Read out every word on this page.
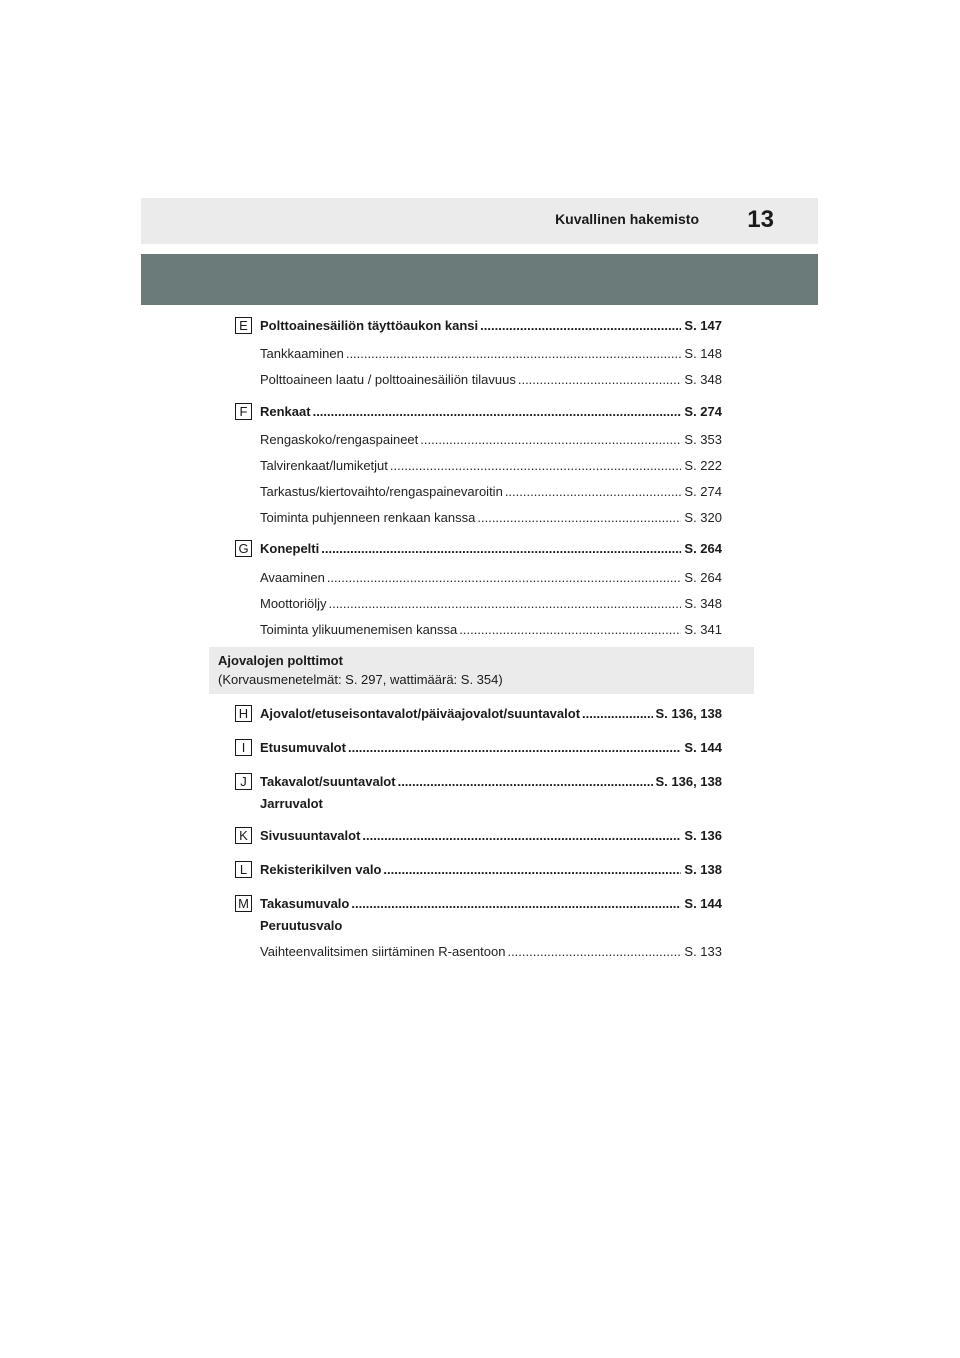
Kuvallinen hakemisto 13
E Polttoainesäiliön täyttöaukon kansi .....	S. 147
Tankkaaminen .....	S. 148
Polttoaineen laatu / polttoainesäiliön tilavuus .....	S. 348
F Renkaat .....	S. 274
Rengaskoko/rengaspaineet .....	S. 353
Talvirenkaat/lumiketjut .....	S. 222
Tarkastus/kiertovaihto/rengaspainevaroitin .....	S. 274
Toiminta puhjenneen renkaan kanssa .....	S. 320
G Konepelti .....	S. 264
Avaaminen .....	S. 264
Moottoriöljy .....	S. 348
Toiminta ylikuumenemisen kanssa .....	S. 341
Ajovalojen polttimot
(Korvausmenetelmät: S. 297, wattimäärä: S. 354)
H Ajovalot/etuseisontavalot/päiväajovalot/suuntavalot .....	S. 136, 138
I	Etusumuvalot .....	S. 144
J	Takavalot/suuntavalot .....	S. 136, 138
Jarruvalot
K Sivusuuntavalot .....	S. 136
L Rekisterikilven valo .....	S. 138
M Takasumuvalo .....	S. 144
Peruutusvalo
Vaihteenvalitsimen siirtäminen R-asentoon .....	S. 133
